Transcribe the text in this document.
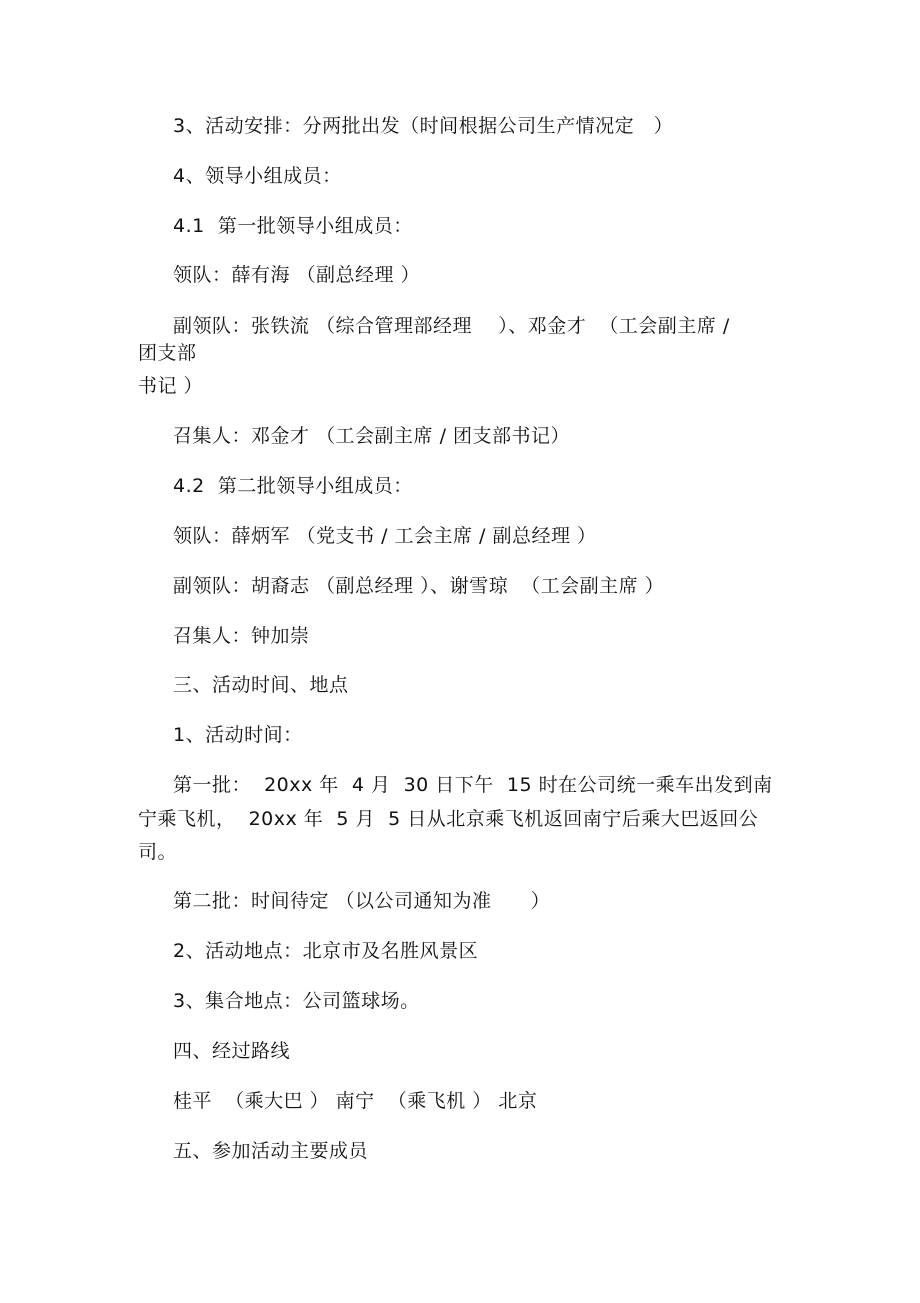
3、活动安排：分两批出发（时间根据公司生产情况定   ）
4、领导小组成员：
4.1  第一批领导小组成员：
领队：薛有海 （副总经理 ）
副领队：张铁流 （综合管理部经理    ）、邓金才  （工会副主席 /
团支部
书记 ）
召集人：邓金才 （工会副主席 / 团支部书记）
4.2  第二批领导小组成员：
领队：薛炳军 （党支书 / 工会主席 / 副总经理 ）
副领队：胡裔志 （副总经理 ）、谢雪琼  （工会副主席 ）
召集人：钟加崇
三、活动时间、地点
1、活动时间：
第一批：  20xx 年  4 月  30 日下午  15 时在公司统一乘车出发到南
宁乘飞机，  20xx 年  5 月  5 日从北京乘飞机返回南宁后乘大巴返回公
司。
第二批：时间待定 （以公司通知为准      ）
2、活动地点：北京市及名胜风景区
3、集合地点：公司篮球场。
四、经过路线
桂平  （乘大巴 ） 南宁  （乘飞机 ） 北京
五、参加活动主要成员
